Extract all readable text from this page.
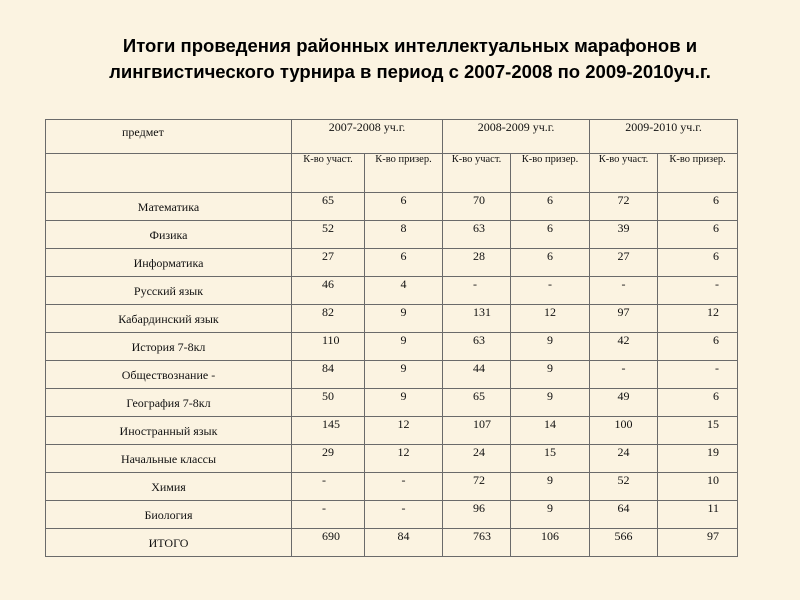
Итоги проведения районных интеллектуальных марафонов и
лингвистического турнира в период с 2007-2008 по 2009-2010уч.г.
предмет	2007-2008 уч.г.		2008-2009 уч.г.		2009-2010 уч.г.	
	К-во участ.	К-во призер.	К-во участ.	К-во призер.	К-во участ.	К-во призер.
Математика	65	6	70	6	72	6
Физика	52	8	63	6	39	6
Информатика	27	6	28	6	27	6
Русский язык	46	4	-	-	-	-
Кабардинский язык	82	9	131	12	97	12
История 7-8кл	110	9	63	9	42	6
Обществознание -	84	9	44	9	-	-
География 7-8кл	50	9	65	9	49	6
Иностранный язык	145	12	107	14	100	15
Начальные классы	29	12	24	15	24	19
Химия	-	-	72	9	52	10
Биология	-	-	96	9	64	11
ИТОГО	690	84	763	106	566	97
